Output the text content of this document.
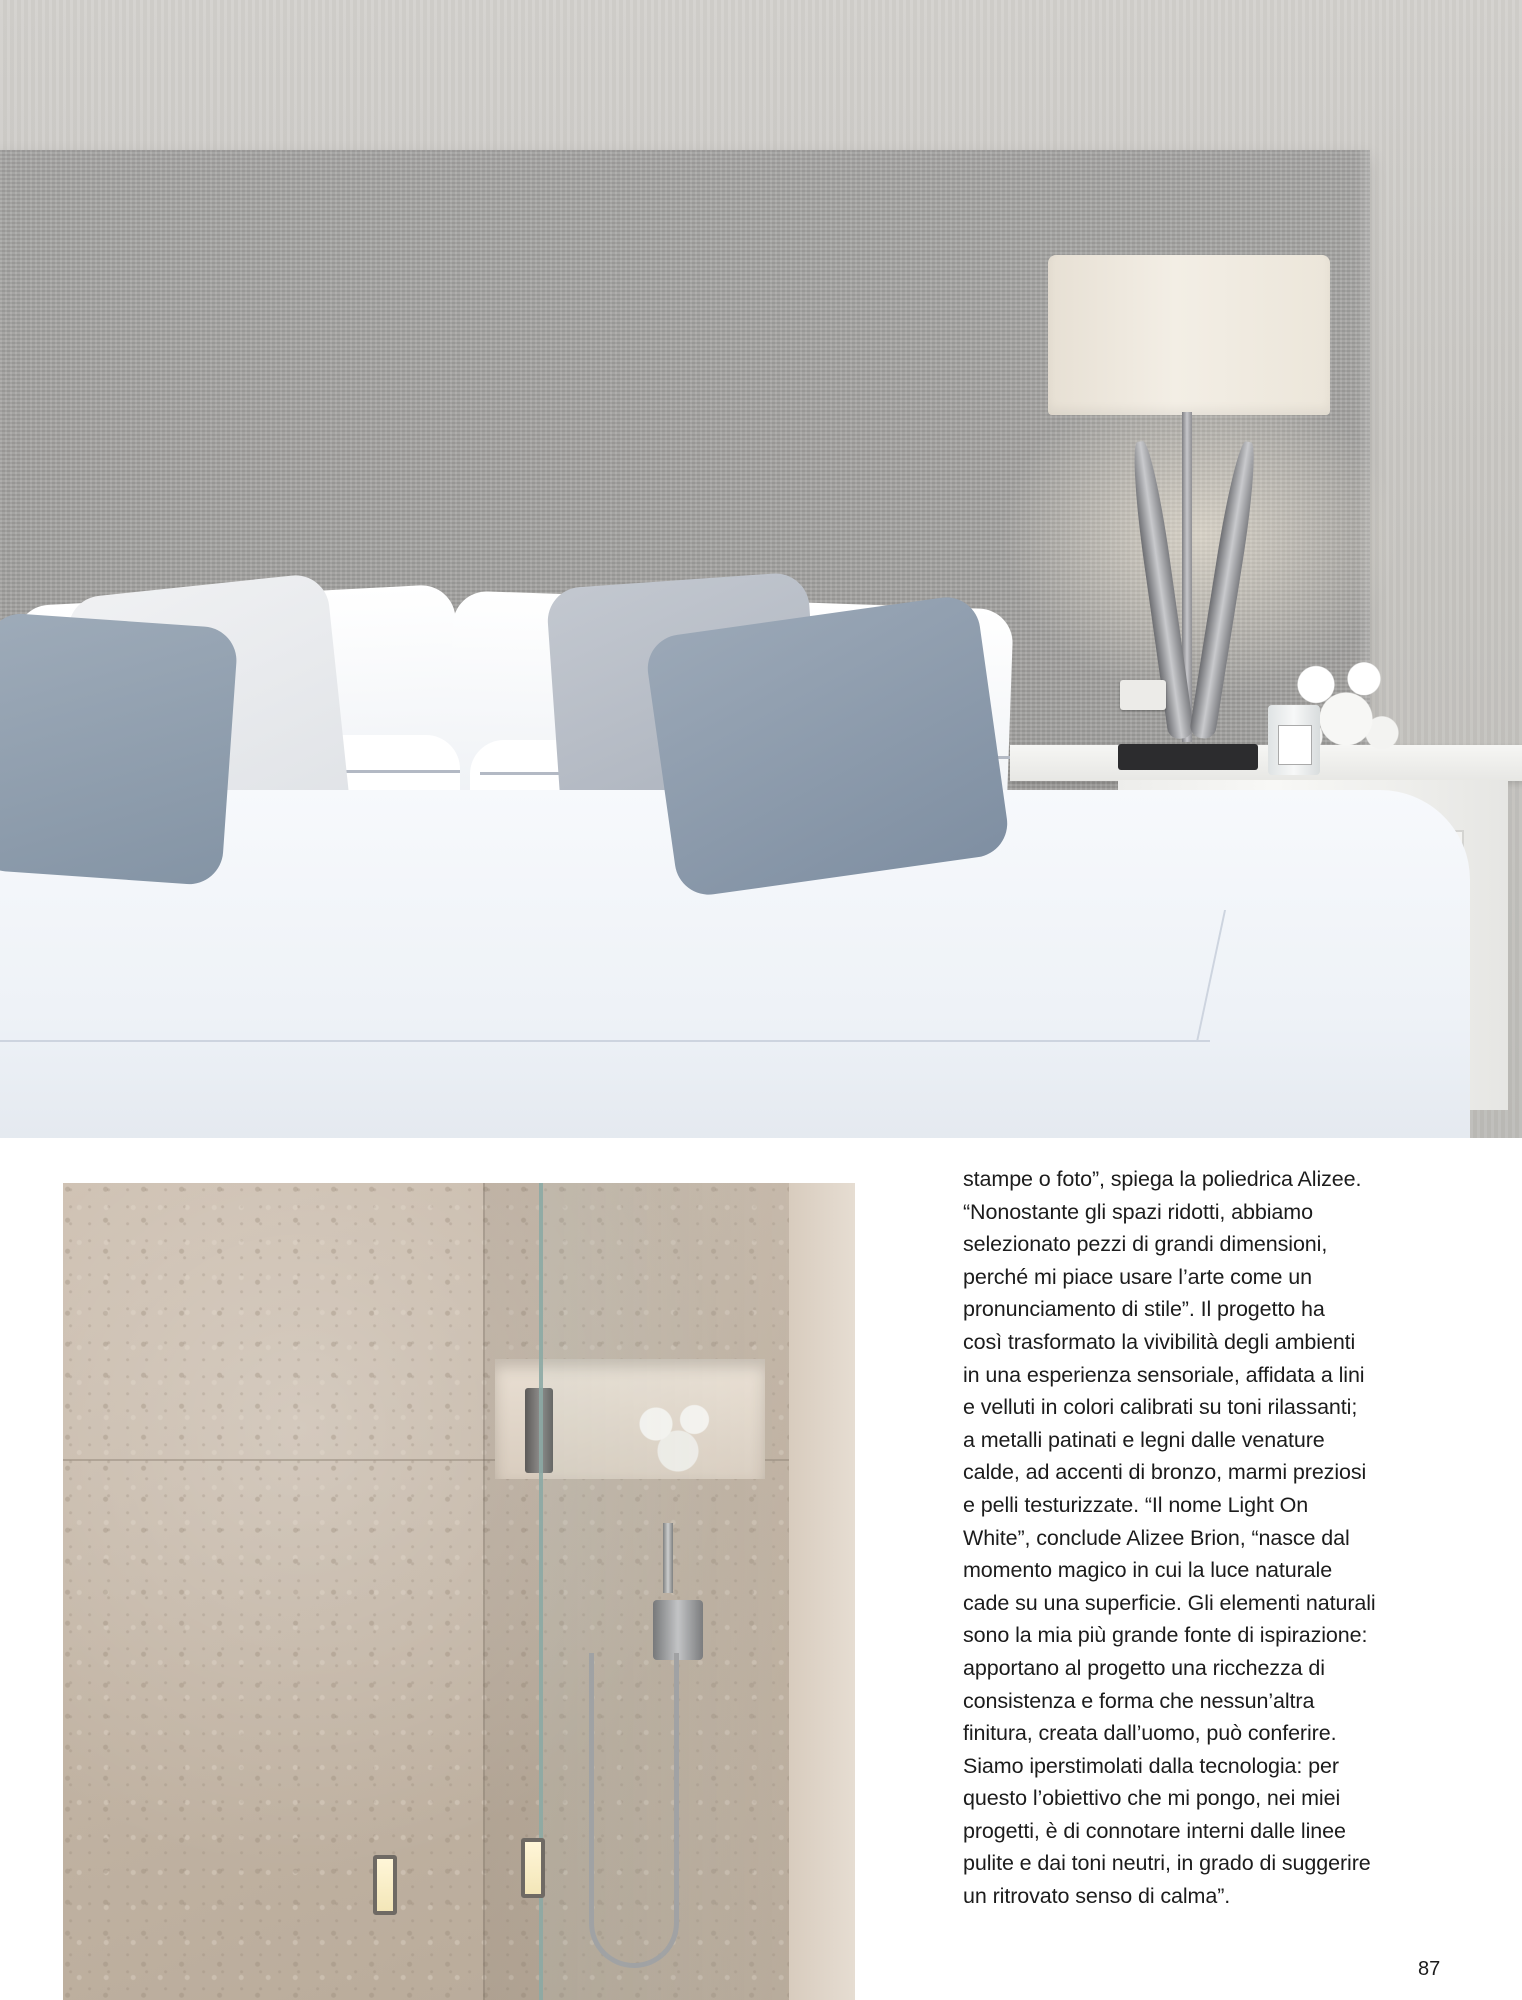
stampe o foto”, spiega la poliedrica Alizee.
“Nonostante gli spazi ridotti, abbiamo
selezionato pezzi di grandi dimensioni,
perché mi piace usare l’arte come un
pronunciamento di stile”. Il progetto ha
così trasformato la vivibilità degli ambienti
in una esperienza sensoriale, affidata a lini
e velluti in colori calibrati su toni rilassanti;
a metalli patinati e legni dalle venature
calde, ad accenti di bronzo, marmi preziosi
e pelli testurizzate. “Il nome Light On
White”, conclude Alizee Brion, “nasce dal
momento magico in cui la luce naturale
cade su una superficie. Gli elementi naturali
sono la mia più grande fonte di ispirazione:
apportano al progetto una ricchezza di
consistenza e forma che nessun’altra
finitura, creata dall’uomo, può conferire.
Siamo iperstimolati dalla tecnologia: per
questo l’obiettivo che mi pongo, nei miei
progetti, è di connotare interni dalle linee
pulite e dai toni neutri, in grado di suggerire
un ritrovato senso di calma”.

87
